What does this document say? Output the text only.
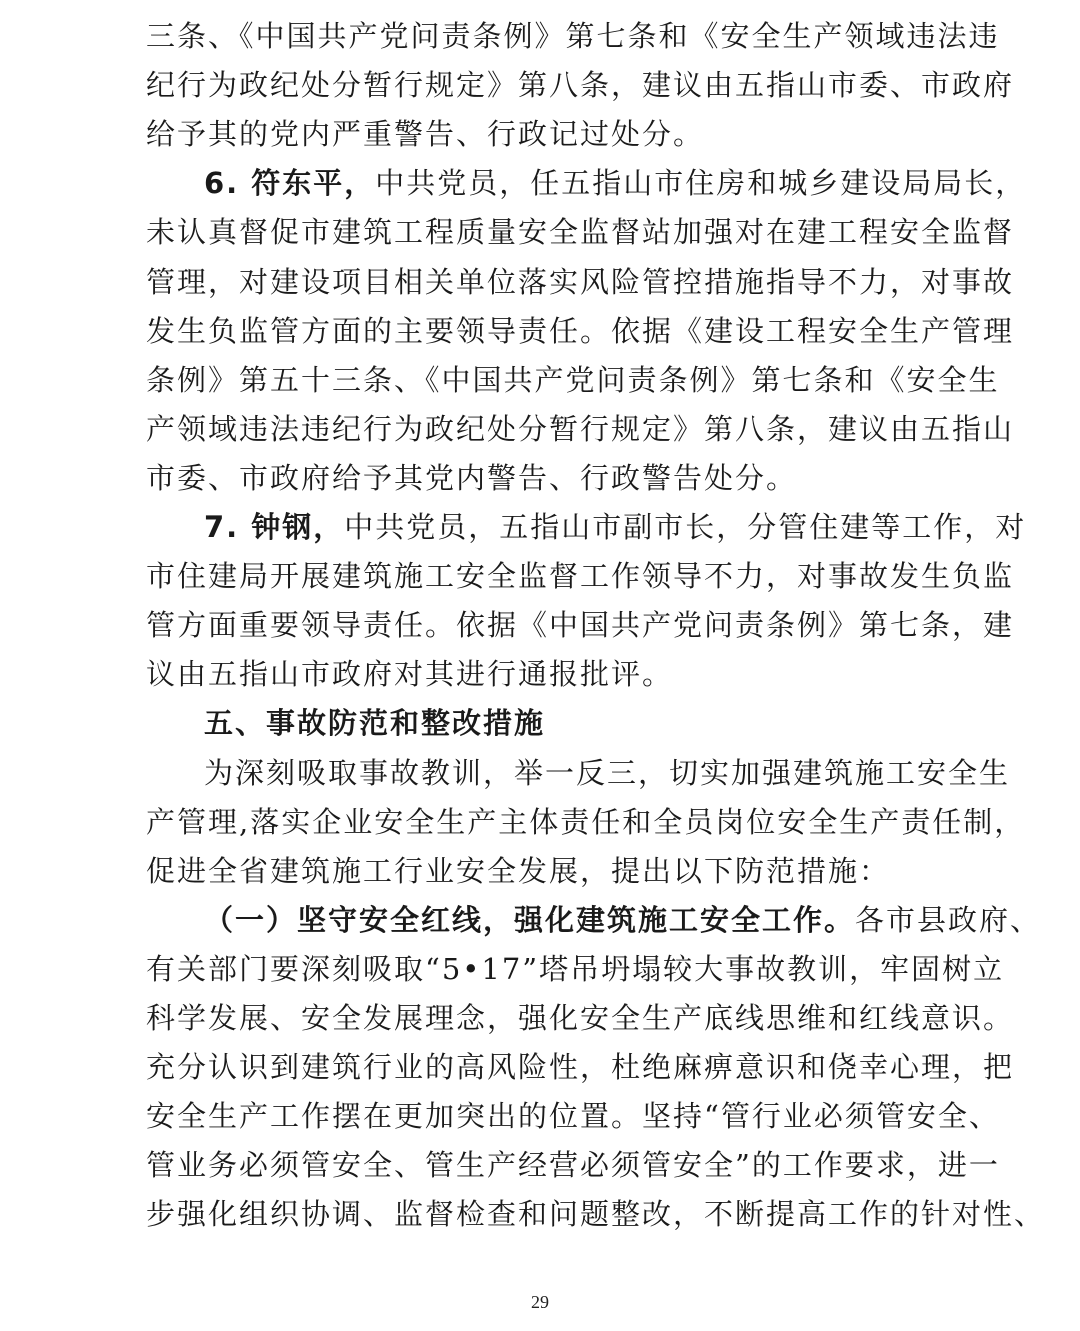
三条、《中国共产党问责条例》第七条和《安全生产领域违法违
纪行为政纪处分暂行规定》第八条，建议由五指山市委、市政府
给予其的党内严重警告、行政记过处分。
6. 符东平，中共党员，任五指山市住房和城乡建设局局长，
未认真督促市建筑工程质量安全监督站加强对在建工程安全监督
管理，对建设项目相关单位落实风险管控措施指导不力，对事故
发生负监管方面的主要领导责任。依据《建设工程安全生产管理
条例》第五十三条、《中国共产党问责条例》第七条和《安全生
产领域违法违纪行为政纪处分暂行规定》第八条，建议由五指山
市委、市政府给予其党内警告、行政警告处分。
7. 钟钢，中共党员，五指山市副市长，分管住建等工作，对
市住建局开展建筑施工安全监督工作领导不力，对事故发生负监
管方面重要领导责任。依据《中国共产党问责条例》第七条，建
议由五指山市政府对其进行通报批评。
五、事故防范和整改措施
为深刻吸取事故教训，举一反三，切实加强建筑施工安全生
产管理,落实企业安全生产主体责任和全员岗位安全生产责任制，
促进全省建筑施工行业安全发展，提出以下防范措施：
（一）坚守安全红线，强化建筑施工安全工作。各市县政府、
有关部门要深刻吸取“5•17”塔吊坍塌较大事故教训，牢固树立
科学发展、安全发展理念，强化安全生产底线思维和红线意识。
充分认识到建筑行业的高风险性，杜绝麻痹意识和侥幸心理，把
安全生产工作摆在更加突出的位置。坚持“管行业必须管安全、
管业务必须管安全、管生产经营必须管安全”的工作要求，进一
步强化组织协调、监督检查和问题整改，不断提高工作的针对性、
29
